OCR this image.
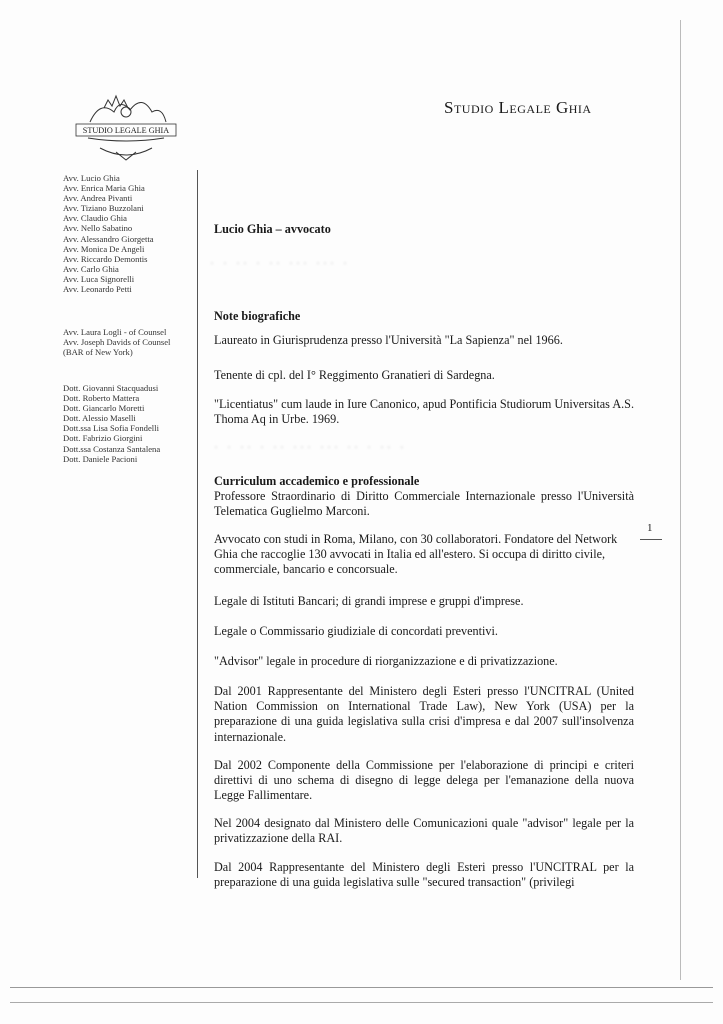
STUDIO LEGALE GHIA
Studio Legale Ghia
Avv. Lucio Ghia
Avv. Enrica Maria Ghia
Avv. Andrea Pivanti
Avv. Tiziano Buzzolani
Avv. Claudio Ghia
Avv. Nello Sabatino
Avv. Alessandro Giorgetta
Avv. Monica De Angeli
Avv. Riccardo Demontis
Avv. Carlo Ghia
Avv. Luca Signorelli
Avv. Leonardo Petti
Avv. Laura Logli - of Counsel
Avv. Joseph Davids of Counsel
(BAR of New York)
Dott. Giovanni Stacquadusi
Dott. Roberto Mattera
Dott. Giancarlo Moretti
Dott. Alessio Maselli
Dott.ssa Lisa Sofia Fondelli
Dott. Fabrizio Giorgini
Dott.ssa Costanza Santalena
Dott. Daniele Pacioni
Lucio Ghia – avvocato
· · ·· · ·· ··· ··· ·
Note biografiche
Laureato in Giurisprudenza presso l'Università "La Sapienza" nel 1966.
Tenente di cpl. del I° Reggimento Granatieri di Sardegna.
"Licentiatus" cum laude in Iure Canonico, apud Pontificia Studiorum Universitas A.S. Thoma Aq in Urbe. 1969.
· · ·· · ·· ··· ··· ·· · ·· ·
Curriculum accademico e professionale
Professore Straordinario di Diritto Commerciale Internazionale presso l'Università Telematica Guglielmo Marconi.
Avvocato con studi in Roma, Milano, con 30 collaboratori. Fondatore del Network Ghia che raccoglie 130 avvocati in Italia ed all'estero. Si occupa di diritto civile, commerciale, bancario e concorsuale.
Legale di Istituti Bancari; di grandi imprese e gruppi d'imprese.
Legale o Commissario giudiziale di concordati preventivi.
"Advisor" legale in procedure di riorganizzazione e di privatizzazione.
Dal 2001 Rappresentante del Ministero degli Esteri presso l'UNCITRAL (United Nation Commission on International Trade Law), New York (USA) per la preparazione di una guida legislativa sulla crisi d'impresa e dal 2007 sull'insolvenza internazionale.
Dal 2002 Componente della Commissione per l'elaborazione di principi e criteri direttivi di uno schema di disegno di legge delega per l'emanazione della nuova Legge Fallimentare.
Nel 2004 designato dal Ministero delle Comunicazioni quale "advisor" legale per la privatizzazione della RAI.
Dal 2004 Rappresentante del Ministero degli Esteri presso l'UNCITRAL per la preparazione di una guida legislativa sulle "secured transaction" (privilegi
1
